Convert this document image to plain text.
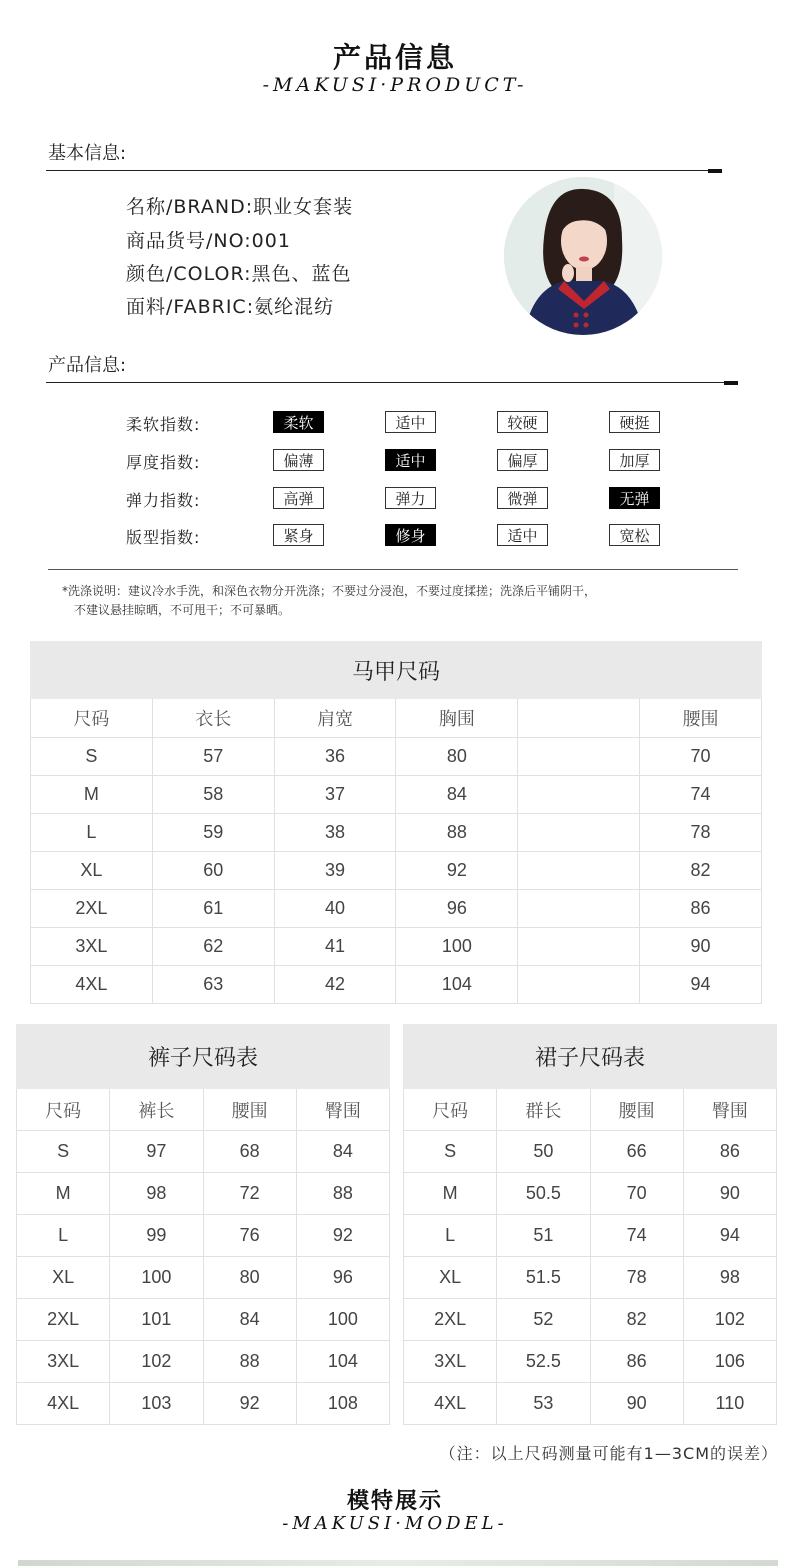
产品信息
-MAKUSI·PRODUCT-
基本信息:
名称/BRAND:职业女套装
商品货号/NO:001
颜色/COLOR:黑色、蓝色
面料/FABRIC:氨纶混纺
产品信息:
柔软指数:	柔软	适中	较硬	硬挺
厚度指数:	偏薄	适中	偏厚	加厚
弹力指数:	高弹	弹力	微弹	无弹
版型指数:	紧身	修身	适中	宽松
*洗涤说明：建议冷水手洗，和深色衣物分开洗涤；不要过分浸泡，不要过度揉搓；洗涤后平铺阴干，
不建议悬挂晾晒，不可甩干；不可暴晒。
马甲尺码					
尺码	衣长	肩宽	胸围		腰围
S	57	36	80		70
M	58	37	84		74
L	59	38	88		78
XL	60	39	92		82
2XL	61	40	96		86
3XL	62	41	100		90
4XL	63	42	104		94
裤子尺码表			
尺码	裤长	腰围	臀围
S	97	68	84
M	98	72	88
L	99	76	92
XL	100	80	96
2XL	101	84	100
3XL	102	88	104
4XL	103	92	108
裙子尺码表			
尺码	群长	腰围	臀围
S	50	66	86
M	50.5	70	90
L	51	74	94
XL	51.5	78	98
2XL	52	82	102
3XL	52.5	86	106
4XL	53	90	110
（注：以上尺码测量可能有1—3CM的误差）
模特展示
-MAKUSI·MODEL-
